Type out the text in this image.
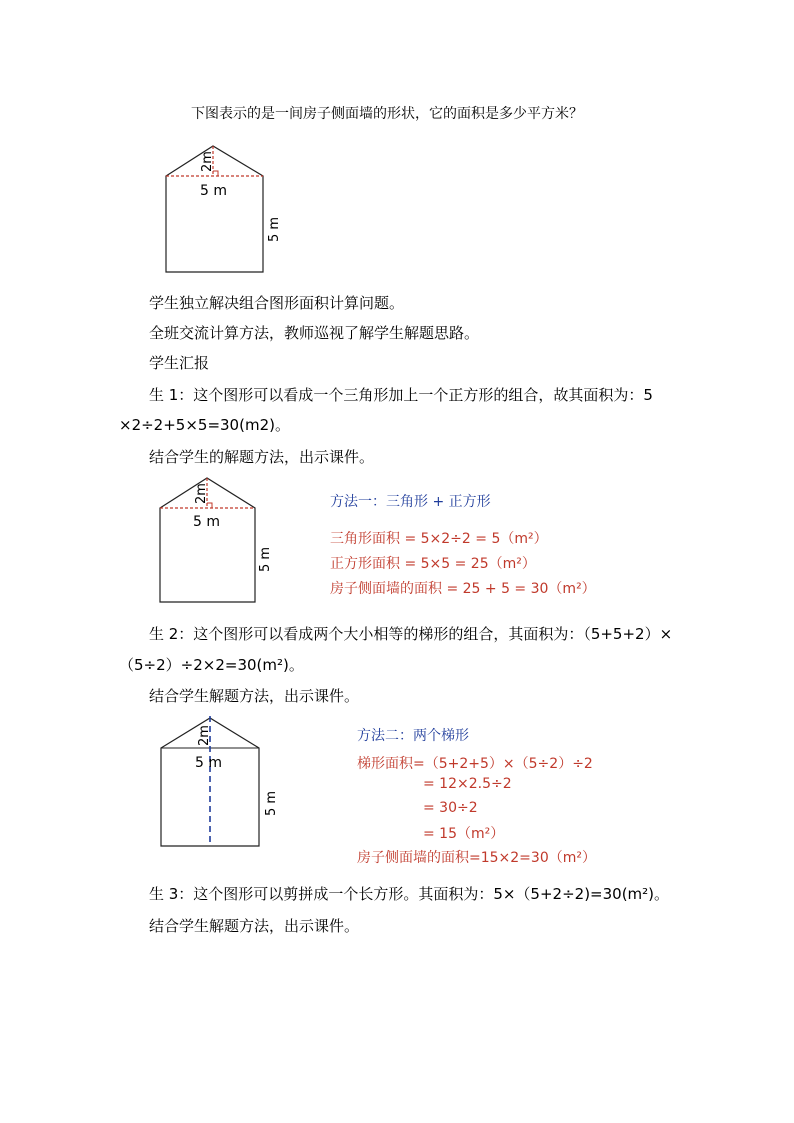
下图表示的是一间房子侧面墙的形状，它的面积是多少平方米？
2m
5 m
5 m
学生独立解决组合图形面积计算问题。
全班交流计算方法，教师巡视了解学生解题思路。
学生汇报
生 1：这个图形可以看成一个三角形加上一个正方形的组合，故其面积为：5
×2÷2+5×5=30(m2)。
结合学生的解题方法，出示课件。
2m
5 m
5 m
方法一：三角形 + 正方形
三角形面积 = 5×2÷2 = 5（m²）
正方形面积 = 5×5 = 25（m²）
房子侧面墙的面积 = 25 + 5 = 30（m²）
生 2：这个图形可以看成两个大小相等的梯形的组合，其面积为：（5+5+2）×
（5÷2）÷2×2=30(m²)。
结合学生解题方法，出示课件。
2m
5 m
5 m
方法二：两个梯形
梯形面积=（5+2+5）×（5÷2）÷2
= 12×2.5÷2
= 30÷2
= 15（m²）
房子侧面墙的面积=15×2=30（m²）
生 3：这个图形可以剪拼成一个长方形。其面积为：5×（5+2÷2)=30(m²)。
结合学生解题方法，出示课件。
